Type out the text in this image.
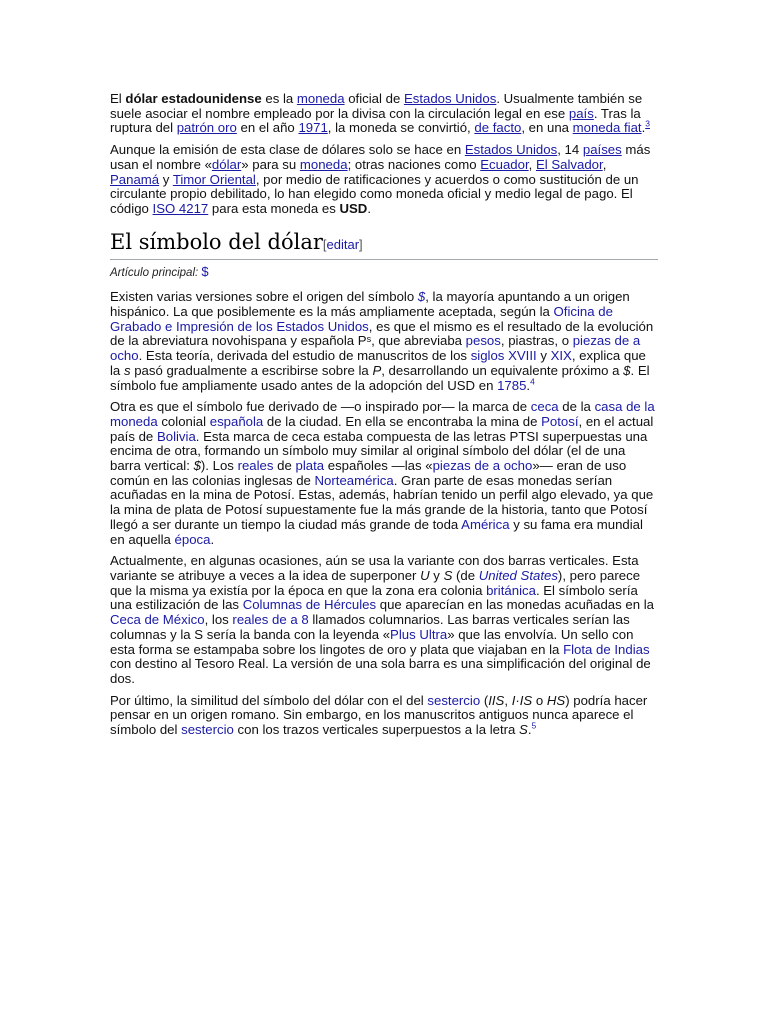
El dólar estadounidense es la moneda oficial de Estados Unidos. Usualmente también se suele asociar el nombre empleado por la divisa con la circulación legal en ese país. Tras la ruptura del patrón oro en el año 1971, la moneda se convirtió, de facto, en una moneda fiat.$^3$

Aunque la emisión de esta clase de dólares solo se hace en Estados Unidos, 14 países más usan el nombre «dólar» para su moneda; otras naciones como Ecuador, El Salvador, Panamá y Timor Oriental, por medio de ratificaciones y acuerdos o como sustitución de un circulante propio debilitado, lo han elegido como moneda oficial y medio legal de pago. El código ISO 4217 para esta moneda es USD.

El símbolo del dólar[editar]
Artículo principal: $

Existen varias versiones sobre el origen del símbolo $, la mayoría apuntando a un origen hispánico. La que posiblemente es la más ampliamente aceptada, según la Oficina de Grabado e Impresión de los Estados Unidos, es que el mismo es el resultado de la evolución de la abreviatura novohispana y española Pˢ, que abreviaba pesos, piastras, o piezas de a ocho. Esta teoría, derivada del estudio de manuscritos de los siglos XVIII y XIX, explica que la s pasó gradualmente a escribirse sobre la P, desarrollando un equivalente próximo a $. El símbolo fue ampliamente usado antes de la adopción del USD en 1785.$^4$

Otra es que el símbolo fue derivado de —o inspirado por— la marca de ceca de la casa de la moneda colonial española de la ciudad. En ella se encontraba la mina de Potosí, en el actual país de Bolivia. Esta marca de ceca estaba compuesta de las letras PTSI superpuestas una encima de otra, formando un símbolo muy similar al original símbolo del dólar (el de una barra vertical: $). Los reales de plata españoles —las «piezas de a ocho»— eran de uso común en las colonias inglesas de Norteamérica. Gran parte de esas monedas serían acuñadas en la mina de Potosí. Estas, además, habrían tenido un perfil algo elevado, ya que la mina de plata de Potosí supuestamente fue la más grande de la historia, tanto que Potosí llegó a ser durante un tiempo la ciudad más grande de toda América y su fama era mundial en aquella época.

Actualmente, en algunas ocasiones, aún se usa la variante con dos barras verticales. Esta variante se atribuye a veces a la idea de superponer U y S (de United States), pero parece que la misma ya existía por la época en que la zona era colonia británica. El símbolo sería una estilización de las Columnas de Hércules que aparecían en las monedas acuñadas en la Ceca de México, los reales de a 8 llamados columnarios. Las barras verticales serían las columnas y la S sería la banda con la leyenda «Plus Ultra» que las envolvía. Un sello con esta forma se estampaba sobre los lingotes de oro y plata que viajaban en la Flota de Indias con destino al Tesoro Real. La versión de una sola barra es una simplificación del original de dos.

Por último, la similitud del símbolo del dólar con el del sestercio (IIS, I·IS o HS) podría hacer pensar en un origen romano. Sin embargo, en los manuscritos antiguos nunca aparece el símbolo del sestercio con los trazos verticales superpuestos a la letra S.$^5$
